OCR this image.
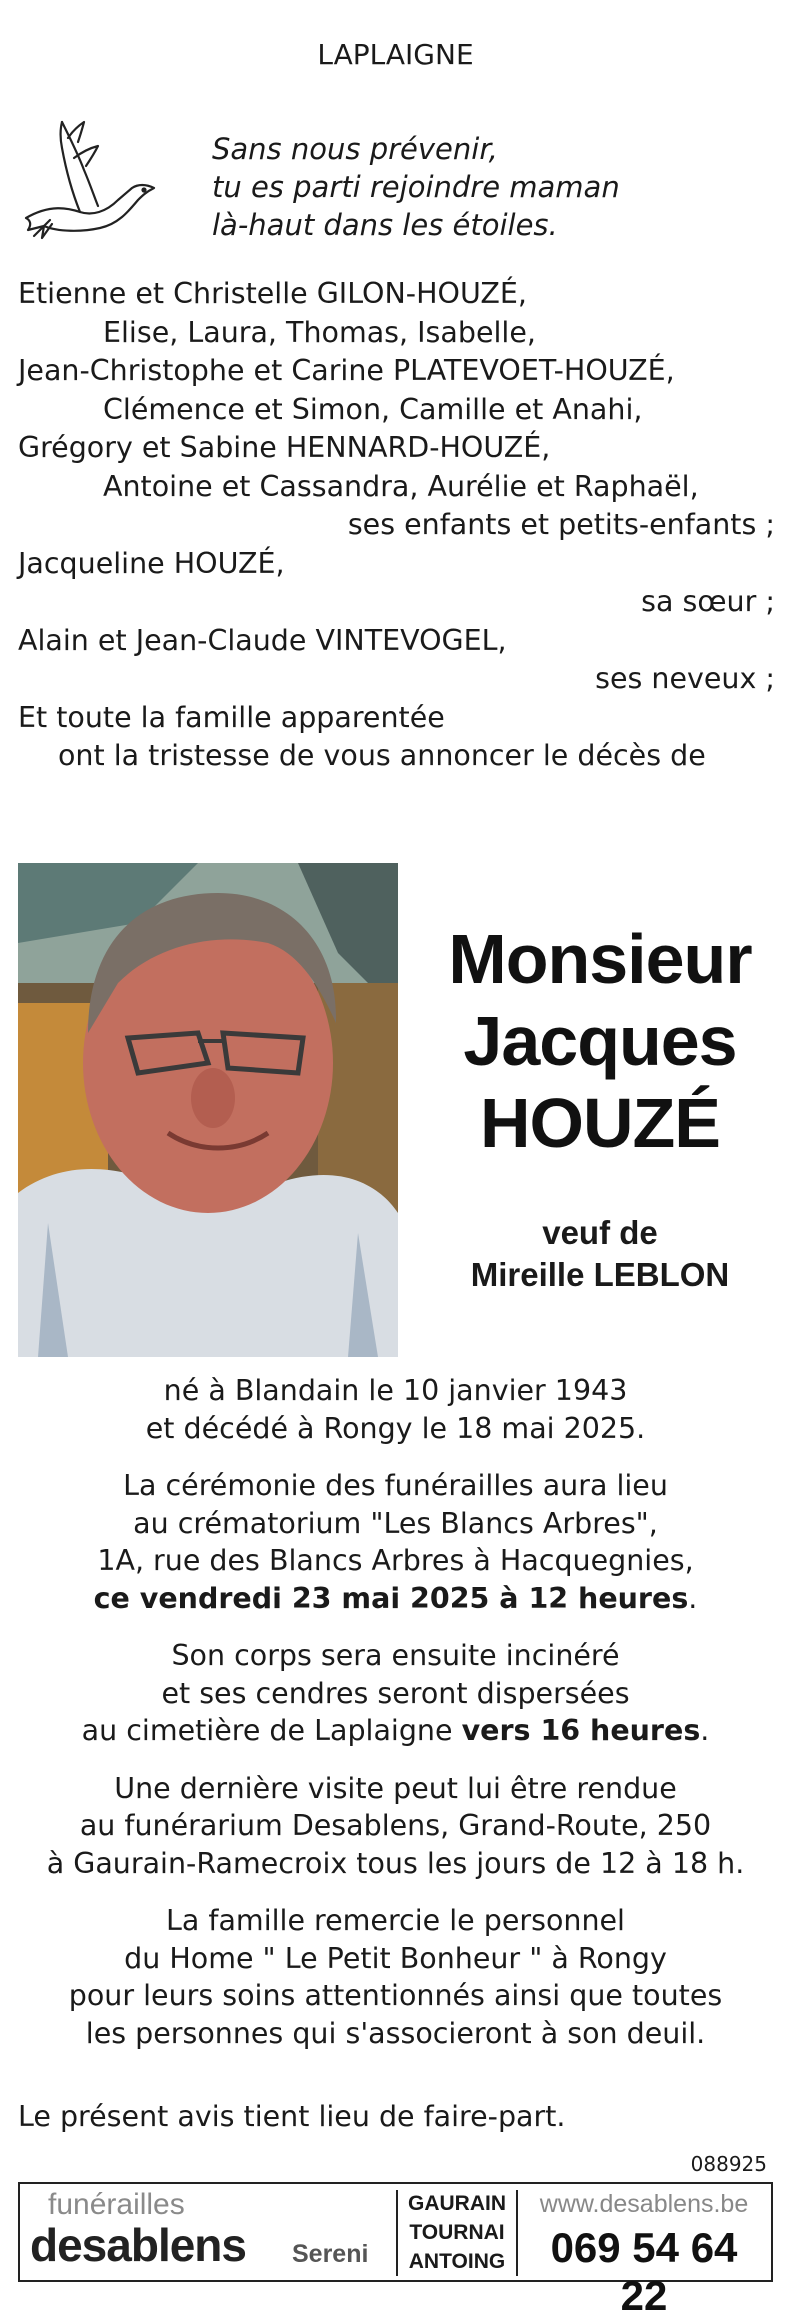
LAPLAIGNE
Sans nous prévenir,
tu es parti rejoindre maman
là-haut dans les étoiles.
Etienne et Christelle GILON-HOUZÉ,
Elise, Laura, Thomas, Isabelle,
Jean-Christophe et Carine PLATEVOET-HOUZÉ,
Clémence et Simon, Camille et Anahi,
Grégory et Sabine HENNARD-HOUZÉ,
Antoine et Cassandra, Aurélie et Raphaël,
ses enfants et petits-enfants ;
Jacqueline HOUZÉ,
sa sœur ;
Alain et Jean-Claude VINTEVOGEL,
ses neveux ;
Et toute la famille apparentée
ont la tristesse de vous annoncer le décès de
Monsieur
Jacques
HOUZÉ
veuf de
Mireille LEBLON

né à Blandain le 10 janvier 1943
et décédé à Rongy le 18 mai 2025.

La cérémonie des funérailles aura lieu
au crématorium "Les Blancs Arbres",
1A, rue des Blancs Arbres à Hacquegnies,
ce vendredi 23 mai 2025 à 12 heures.

Son corps sera ensuite incinéré
et ses cendres seront dispersées
au cimetière de Laplaigne vers 16 heures.

Une dernière visite peut lui être rendue
au funérarium Desablens, Grand-Route, 250
à Gaurain-Ramecroix tous les jours de 12 à 18 h.

La famille remercie le personnel
du Home " Le Petit Bonheur " à Rongy
pour leurs soins attentionnés ainsi que toutes
les personnes qui s'associeront à son deuil.

Le présent avis tient lieu de faire-part.
088925
funérailles
desablens Sereni
GAURAIN
TOURNAI
ANTOING
www.desablens.be
069 54 64 22
